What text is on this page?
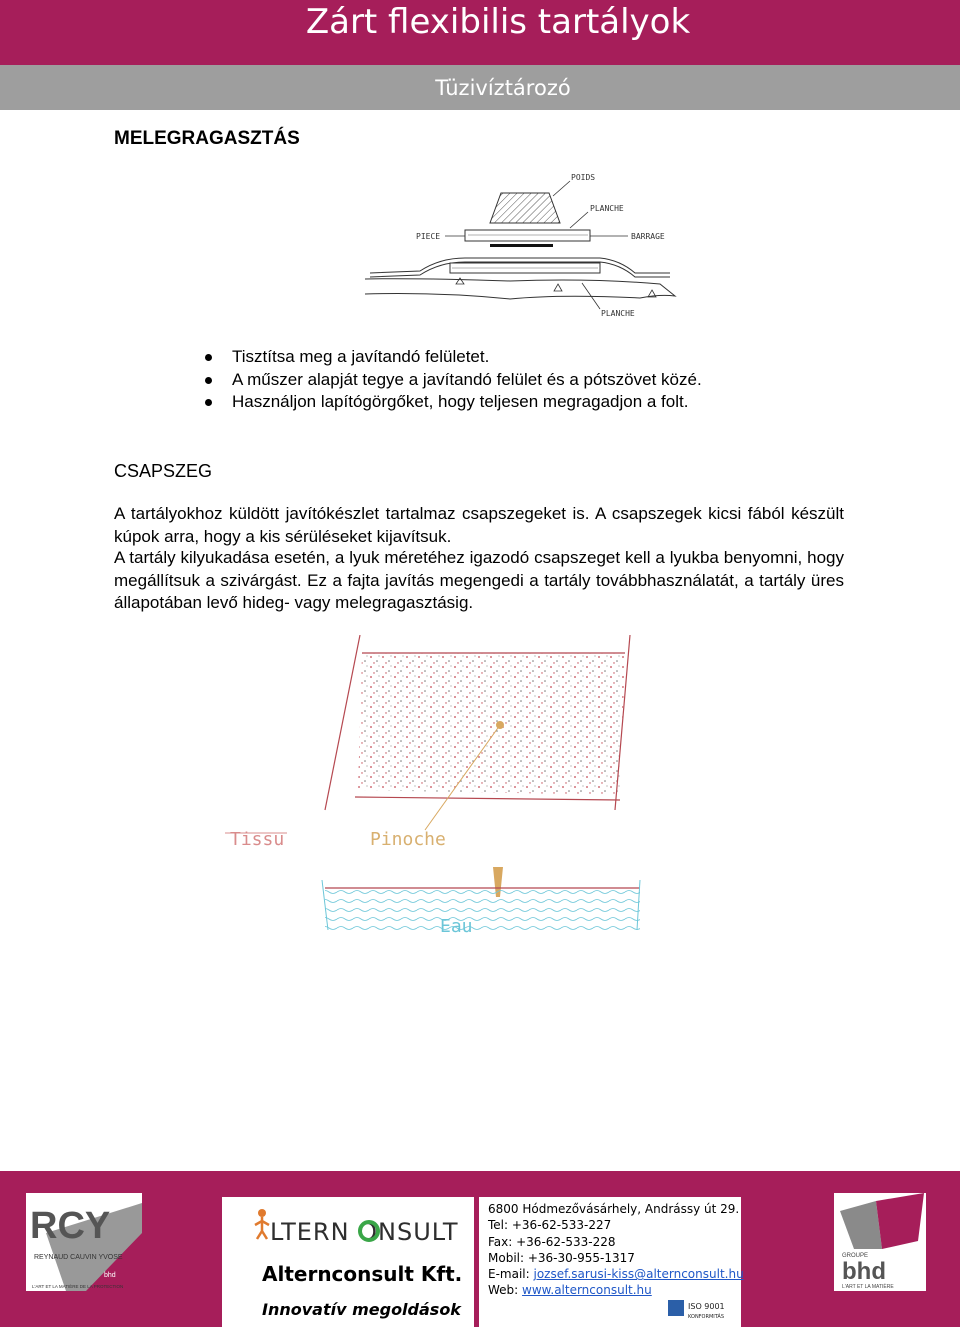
Zárt flexibilis tartályok
Tüzivíztározó
MELEGRAGASZTÁS
POIDS
PLANCHE
PIECE	BARRAGE
PLANCHE
Tisztítsa meg a javítandó felületet.
A műszer alapját tegye a javítandó felület és a pótszövet közé.
Használjon lapítógörgőket, hogy teljesen megragadjon a folt.
CSAPSZEG
A tartályokhoz küldött javítókészlet tartalmaz csapszegeket is. A csapszegek kicsi fából készült kúpok arra, hogy a kis sérüléseket kijavítsuk.
A tartály kilyukadása esetén, a lyuk méretéhez igazodó csapszeget kell a lyukba benyomni, hogy megállítsuk a szivárgást. Ez a fajta javítás megengedi a tartály továbbhasználatát, a tartály üres állapotában levő hideg- vagy melegragasztásig.
Tissu	Pinoche
Eau
RCY
REYNAUD CAUVIN YVOSE
bhd
L'ART ET LA MATIÈRE DE LA PROTECTION
LTERN ONSULT
Alternconsult Kft.
Innovatív megoldások
6800 Hódmezővásárhely, Andrássy út 29.
Tel: +36-62-533-227
Fax: +36-62-533-228
Mobil: +36-30-955-1317
E-mail: jozsef.sarusi-kiss@alternconsult.hu
Web: www.alternconsult.hu
ISO 9001
KONFORMITÁS
GROUPE
bhd
L'ART ET LA MATIÈRE
